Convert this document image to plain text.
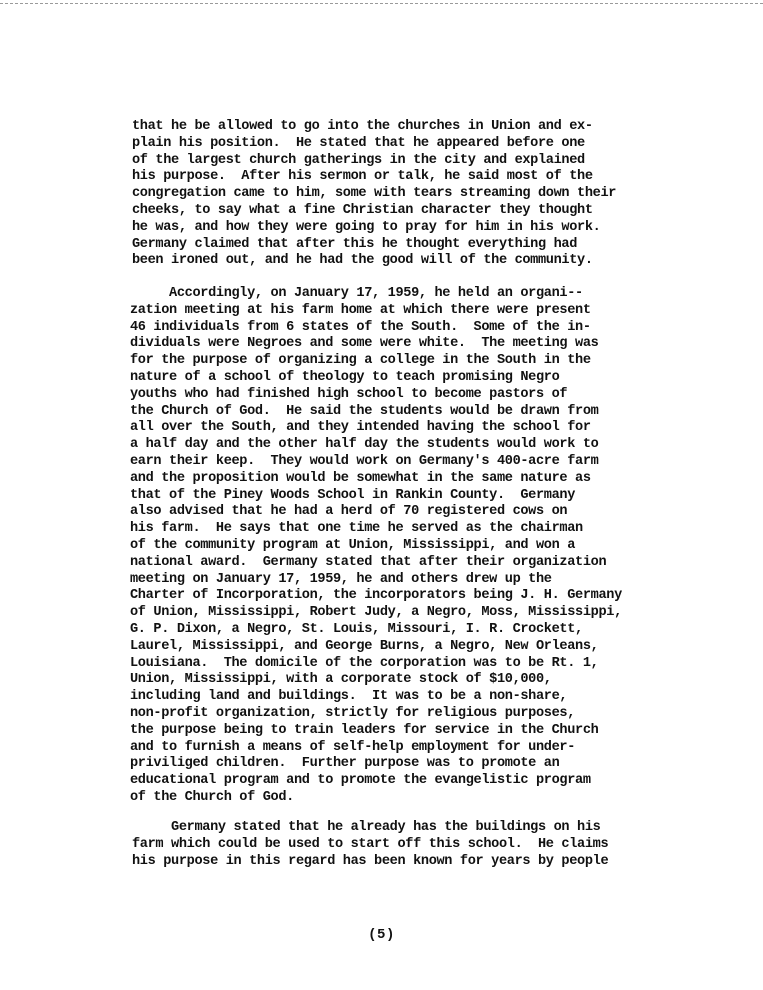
that he be allowed to go into the churches in Union and ex-
plain his position.  He stated that he appeared before one
of the largest church gatherings in the city and explained
his purpose.  After his sermon or talk, he said most of the
congregation came to him, some with tears streaming down their
cheeks, to say what a fine Christian character they thought
he was, and how they were going to pray for him in his work.
Germany claimed that after this he thought everything had
been ironed out, and he had the good will of the community.
Accordingly, on January 17, 1959, he held an organi--
zation meeting at his farm home at which there were present
46 individuals from 6 states of the South.  Some of the in-
dividuals were Negroes and some were white.  The meeting was
for the purpose of organizing a college in the South in the
nature of a school of theology to teach promising Negro
youths who had finished high school to become pastors of
the Church of God.  He said the students would be drawn from
all over the South, and they intended having the school for
a half day and the other half day the students would work to
earn their keep.  They would work on Germany's 400-acre farm
and the proposition would be somewhat in the same nature as
that of the Piney Woods School in Rankin County.  Germany
also advised that he had a herd of 70 registered cows on
his farm.  He says that one time he served as the chairman
of the community program at Union, Mississippi, and won a
national award.  Germany stated that after their organization
meeting on January 17, 1959, he and others drew up the
Charter of Incorporation, the incorporators being J. H. Germany
of Union, Mississippi, Robert Judy, a Negro, Moss, Mississippi,
G. P. Dixon, a Negro, St. Louis, Missouri, I. R. Crockett,
Laurel, Mississippi, and George Burns, a Negro, New Orleans,
Louisiana.  The domicile of the corporation was to be Rt. 1,
Union, Mississippi, with a corporate stock of $10,000,
including land and buildings.  It was to be a non-share,
non-profit organization, strictly for religious purposes,
the purpose being to train leaders for service in the Church
and to furnish a means of self-help employment for under-
priviliged children.  Further purpose was to promote an
educational program and to promote the evangelistic program
of the Church of God.
Germany stated that he already has the buildings on his
farm which could be used to start off this school.  He claims
his purpose in this regard has been known for years by people
(5)
